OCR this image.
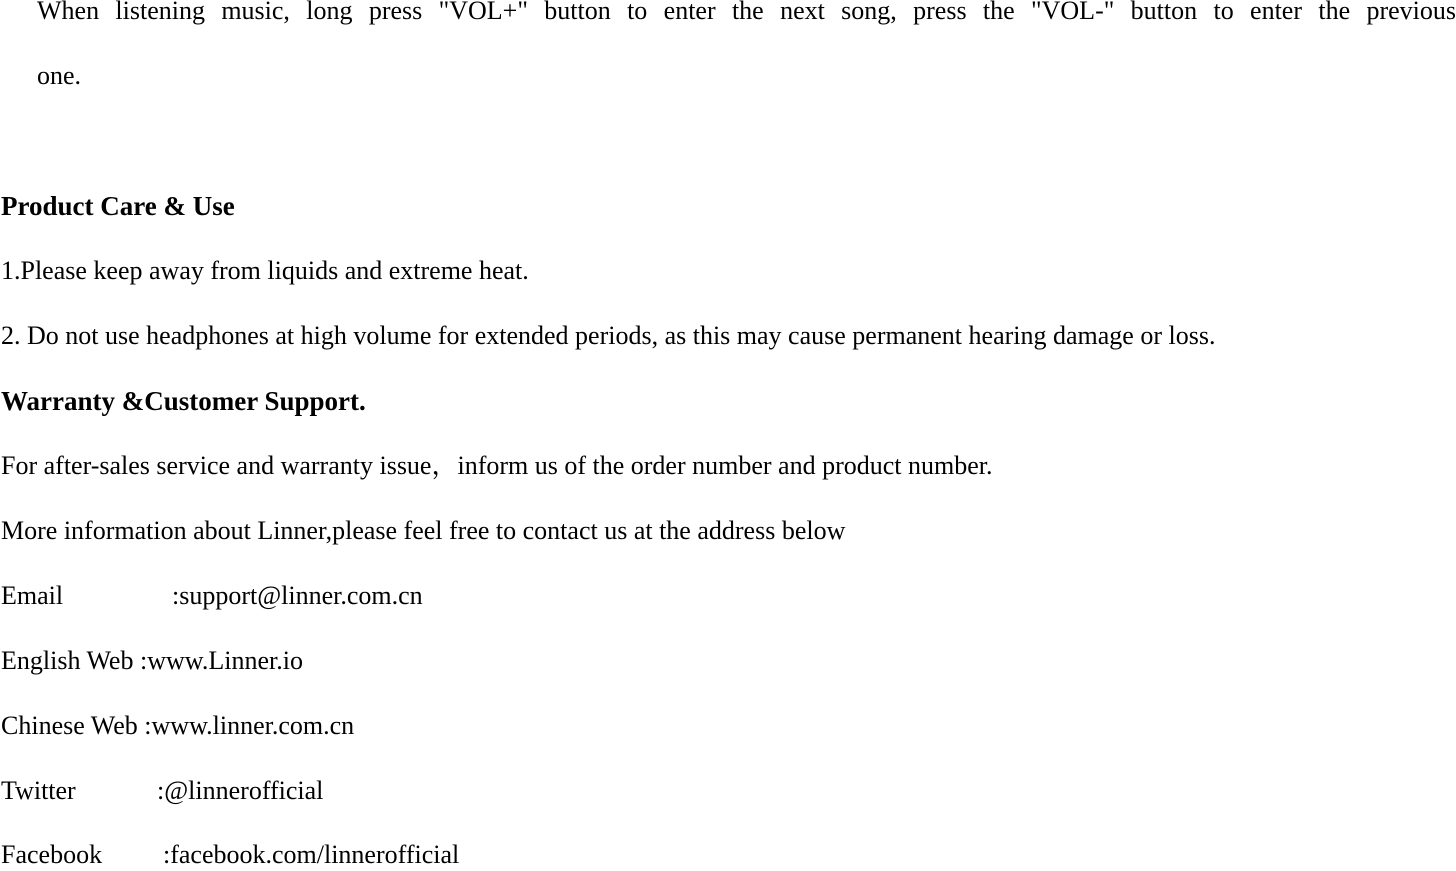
When listening music, long press "VOL+" button to enter the next song, press the "VOL-" button to enter the previous

one.

Product Care & Use

1.Please keep away from liquids and extreme heat.

2. Do not use headphones at high volume for extended periods, as this may cause permanent hearing damage or loss.

Warranty &Customer Support.

For after-sales service and warranty issue，inform us of the order number and product number.

More information about Linner,please feel free to contact us at the address below

Email	:support@linner.com.cn

English Web :www.Linner.io

Chinese Web :www.linner.com.cn

Twitter	:@linnerofficial

Facebook :facebook.com/linnerofficial
